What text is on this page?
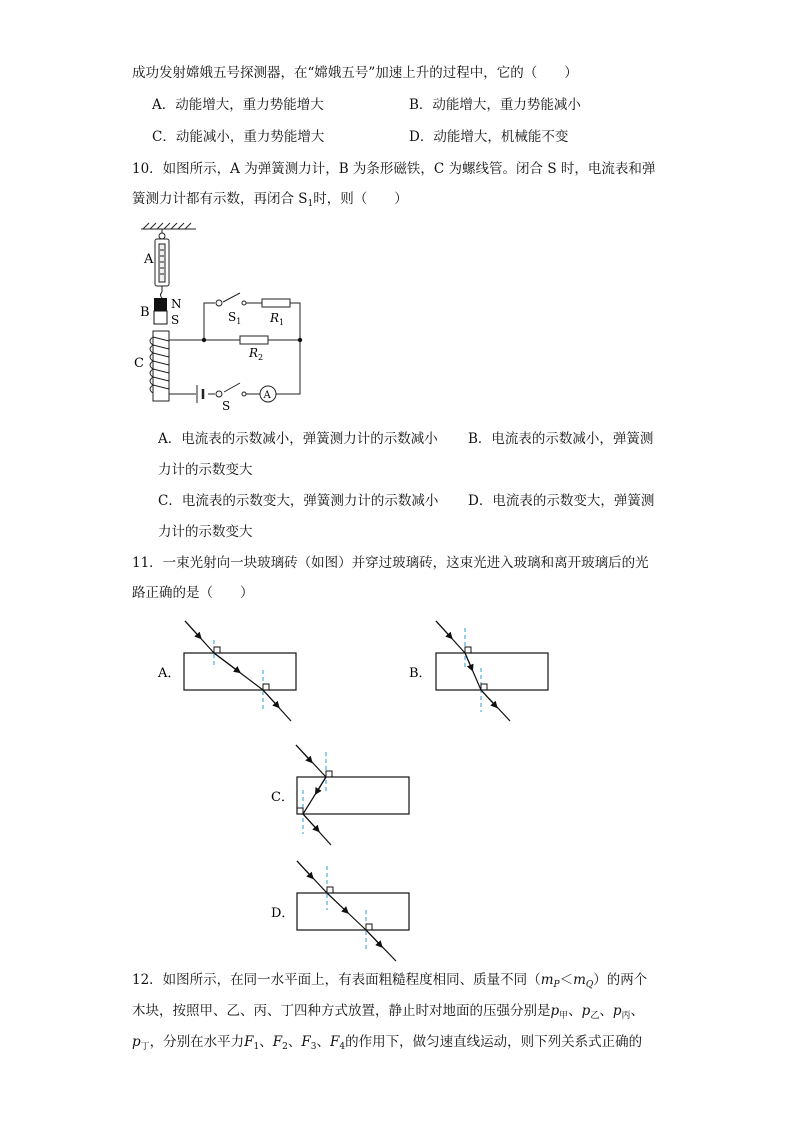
成功发射嫦娥五号探测器，在“嫦娥五号”加速上升的过程中，它的（　　）
A．动能增大，重力势能增大	B．动能增大，重力势能减小
C．动能减小，重力势能增大	D．动能增大，机械能不变
10．如图所示，A 为弹簧测力计，B 为条形磁铁，C 为螺线管。闭合 S 时，电流表和弹
簧测力计都有示数，再闭合 $S_1$时，则（　　）
A
B
N
S
C
$R_1$
$S_1$
$R_2$
S
A
A．电流表的示数减小，弹簧测力计的示数减小 B．电流表的示数减小，弹簧测
力计的示数变大
C．电流表的示数变大，弹簧测力计的示数减小 D．电流表的示数变大，弹簧测
力计的示数变大
11．一束光射向一块玻璃砖（如图）并穿过玻璃砖，这束光进入玻璃和离开玻璃后的光
路正确的是（　　）
A．	B．
C．
D．
12．如图所示，在同一水平面上，有表面粗糙程度相同、质量不同$(m_P<m_Q)$的两个
木块，按照甲、乙、丙、丁四种方式放置，静止时对地面的压强分别是$p_甲$、$p_乙$、$p_丙$、
$p_丁$，分别在水平力$F_1$、$F_2$、$F_3$、$F_4$的作用下，做匀速直线运动，则下列关系式正确的
